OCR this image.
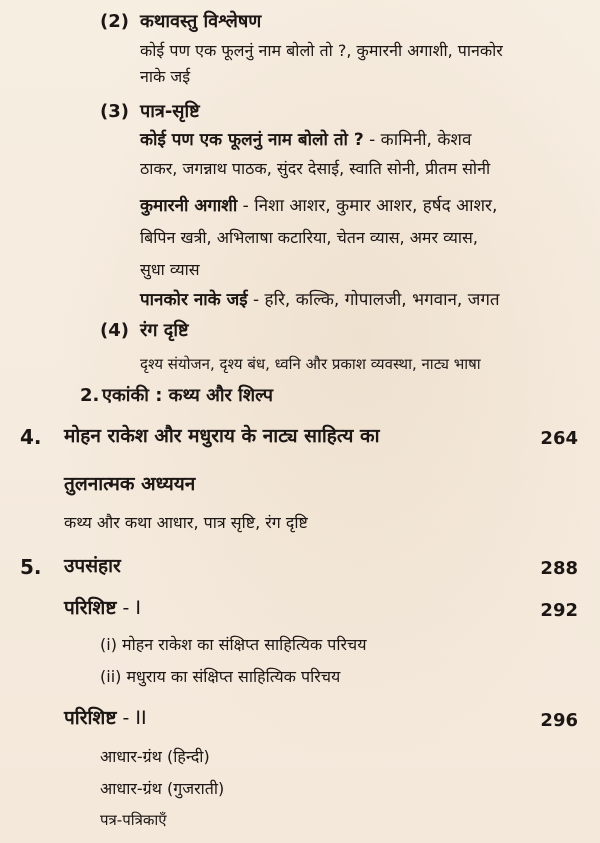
(2) कथावस्तु विश्लेषण
कोई पण एक फूलनुं नाम बोलो तो ?, कुमारनी अगाशी, पानकोर
नाके जई
(3) पात्र-सृष्टि
कोई पण एक फूलनुं नाम बोलो तो ? - कामिनी, केशव
ठाकर, जगन्नाथ पाठक, सुंदर देसाई, स्वाति सोनी, प्रीतम सोनी
कुमारनी अगाशी - निशा आशर, कुमार आशर, हर्षद आशर,
बिपिन खत्री, अभिलाषा कटारिया, चेतन व्यास, अमर व्यास,
सुधा व्यास
पानकोर नाके जई - हरि, कल्कि, गोपालजी, भगवान, जगत
(4) रंग दृष्टि
दृश्य संयोजन, दृश्य बंध, ध्वनि और प्रकाश व्यवस्था, नाट्य भाषा
2. एकांकी : कथ्य और शिल्प
4. मोहन राकेश और मधुराय के नाट्य साहित्य का	264
तुलनात्मक अध्ययन
कथ्य और कथा आधार, पात्र सृष्टि, रंग दृष्टि
5. उपसंहार	288
परिशिष्ट - I	292
(i) मोहन राकेश का संक्षिप्त साहित्यिक परिचय
(ii) मधुराय का संक्षिप्त साहित्यिक परिचय
परिशिष्ट - II	296
आधार-ग्रंथ (हिन्दी)
आधार-ग्रंथ (गुजराती)
पत्र-पत्रिकाएँ
